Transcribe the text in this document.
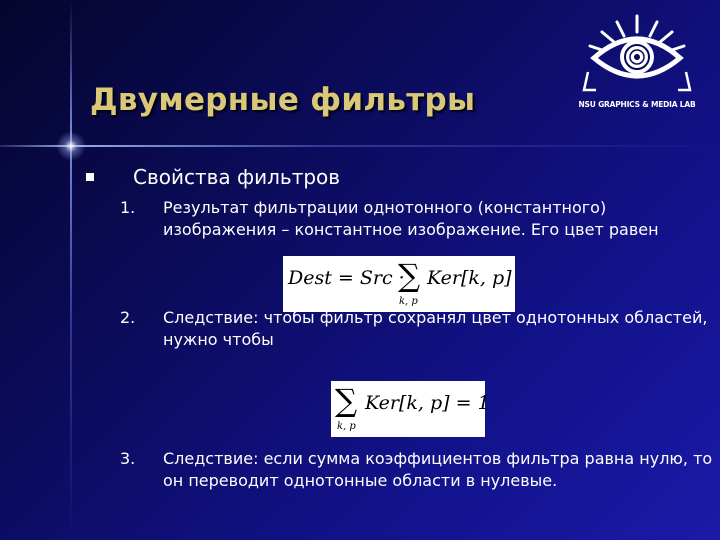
Двумерные фильтры	NSU GRAPHICS & MEDIA LAB
Свойства фильтров
1. Результат фильтрации однотонного (константного) изображения – константное изображение. Его цвет равен
Dest = Src ·
∑
k, p
Ker[k, p]
2. Следствие: чтобы фильтр сохранял цвет однотонных областей, нужно чтобы
∑
k, p
Ker[k, p] = 1
3. Следствие: если сумма коэффициентов фильтра равна нулю, то он переводит однотонные области в нулевые.
